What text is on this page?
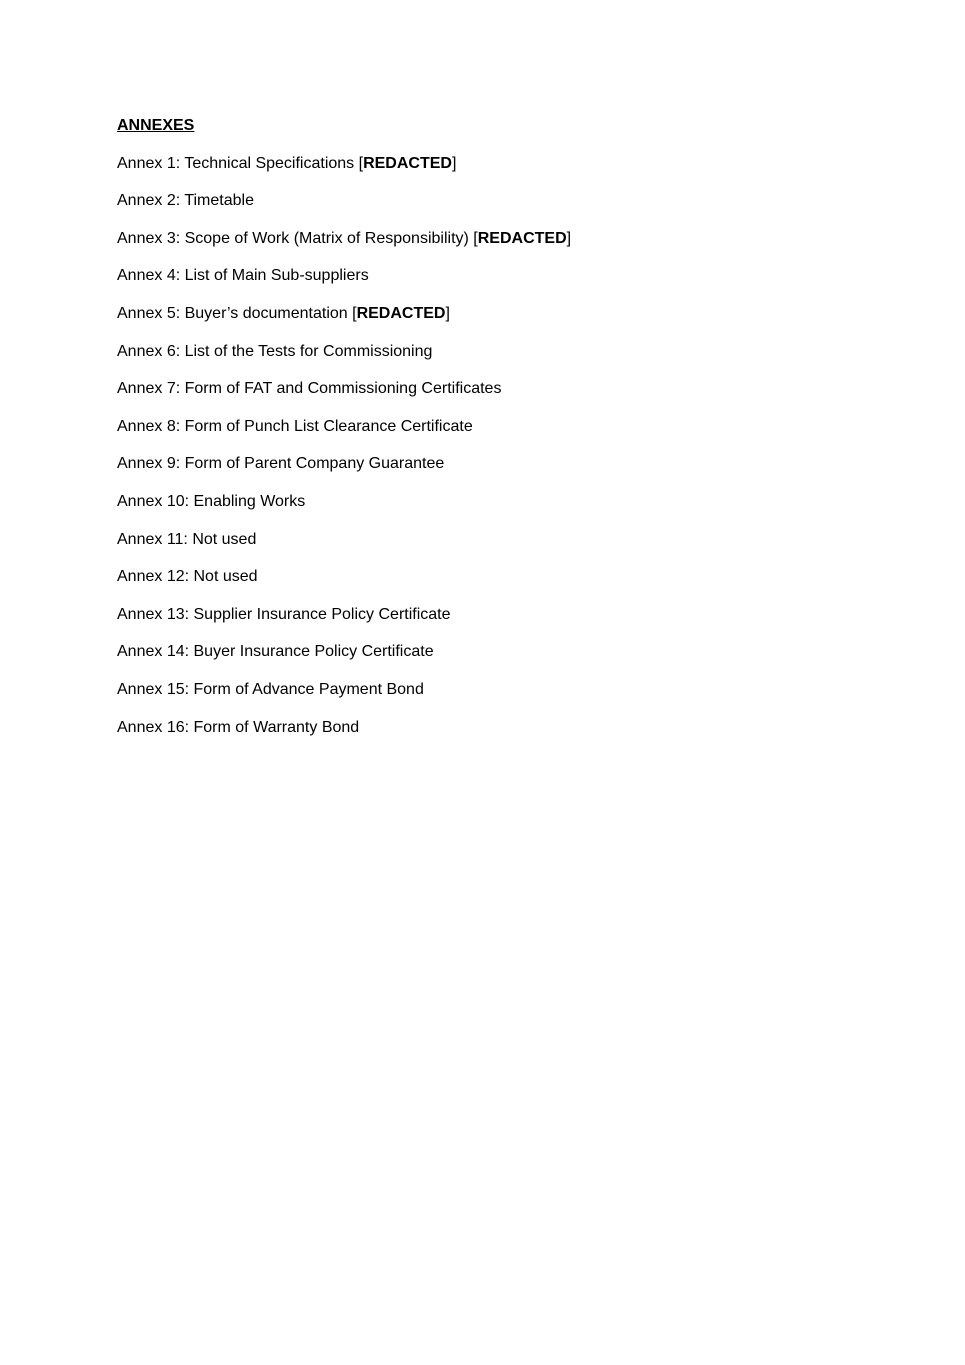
ANNEXES
Annex 1: Technical Specifications [REDACTED]
Annex 2: Timetable
Annex 3: Scope of Work (Matrix of Responsibility) [REDACTED]
Annex 4: List of Main Sub-suppliers
Annex 5: Buyer’s documentation [REDACTED]
Annex 6: List of the Tests for Commissioning
Annex 7: Form of FAT and Commissioning Certificates
Annex 8: Form of Punch List Clearance Certificate
Annex 9: Form of Parent Company Guarantee
Annex 10: Enabling Works
Annex 11: Not used
Annex 12: Not used
Annex 13: Supplier Insurance Policy Certificate
Annex 14: Buyer Insurance Policy Certificate
Annex 15: Form of Advance Payment Bond
Annex 16: Form of Warranty Bond
